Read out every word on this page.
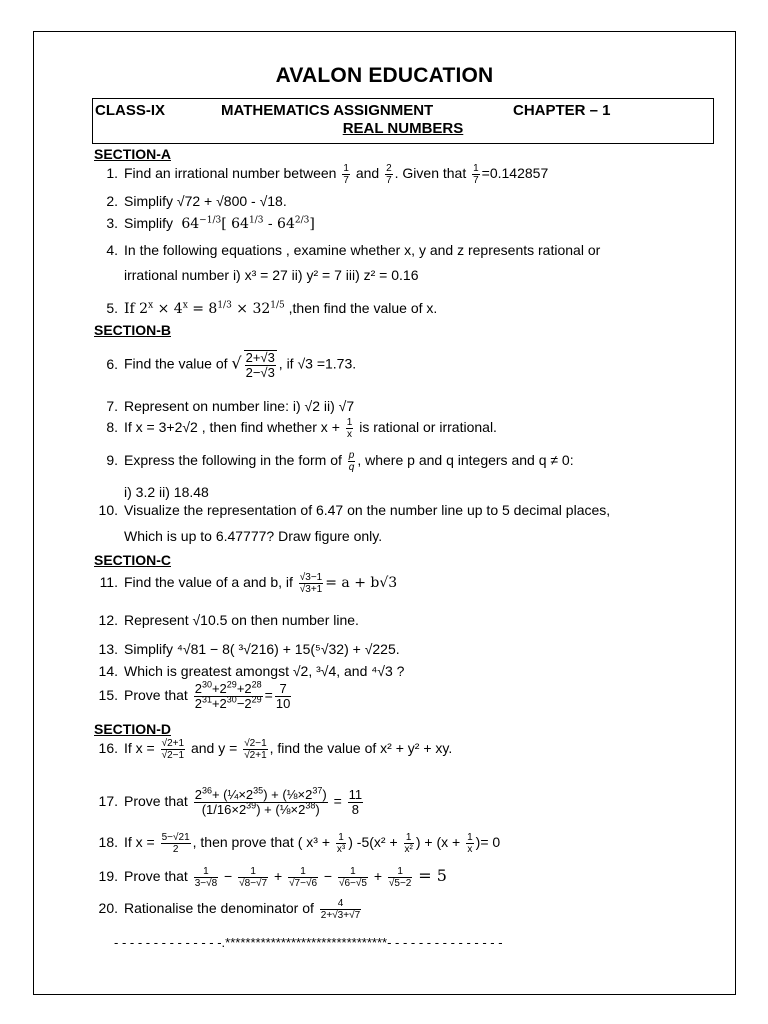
AVALON EDUCATION
CLASS-IX	MATHEMATICS ASSIGNMENT	CHAPTER – 1
REAL NUMBERS
SECTION-A
1. Find an irrational number between $\frac{1}{7}$ and $\frac{2}{7}$ . Given that $\frac{1}{7} =0.142857$
2. Simplify √72 + √800 - √18.
3. Simplify  $64^{-1/3}$[ $64^{1/3} - 64^{2/3}$]
4. In the following equations , examine whether x, y and z represents rational or
irrational number i) x³ = 27 ii) y² = 7 iii) z² = 0.16
5. If $2^x \times 4^x = 8^{1/3} \times 32^{1/5}$ ,then find the value of x.
SECTION-B
6. Find the value of √ $\frac{2+√3}{2-√3}$ , if √3 =1.73.
7. Represent on number line: i) √2 ii) √7
8. If x = 3+2√2 , then find whether $x + \frac{1}{x}$ is rational or irrational.
9. Express the following in the form of $\frac{p}{q}$ , where p and q integers and q ≠ 0:
i) 3.2 ii) 18.48
10. Visualize the representation of 6.47 on the number line up to 5 decimal places,
Which is up to 6.47777? Draw figure only.
SECTION-C
11. Find the value of a and b, if $\frac{√3-1}{√3+1} = a + b√3$
12. Represent √10.5 on then number line.
13. Simplify ⁴√81 − 8( ³√216) + 15(⁵√32) + √225.
14. Which is greatest amongst √2, ³√4, and ⁴√3 ?
15. Prove that $\frac{2^{30}+2^{29}+2^{28}}{2^{31}+2^{30}-2^{29}} = \frac{7}{10}$
SECTION-D
16. If $x = \frac{√2+1}{√2-1}$ and $y = \frac{√2-1}{√2+1}$ , find the value of x² + y² + xy.
17. Prove that $\frac{2^{36}+ (\frac{1}{4}\times 2^{35}) + (\frac{1}{8}\times 2^{37})}{(1/16\times 2^{39}) + (\frac{1}{8}\times 2^{38})} = \frac{11}{8}$
18. If $x = \frac{5-√21}{2}$ , then prove that ( $x^3 + \frac{1}{\text{x³}}$ ) $-5(x^2 + \frac{1}{\text{x²}}$ ) + ($x + \frac{1}{x}$ )= 0
19. Prove that $\frac{1}{3-√8} - \frac{1}{√8-√7} + \frac{1}{√7-√6} - \frac{1}{√6-√5} + \frac{1}{√5-2} = 5$
20. Rationalise the denominator of $\frac{4}{2+√3+√7}$
- - - - - - - - - - - - - -.********************************- - - - - - - - - - - - - - -
